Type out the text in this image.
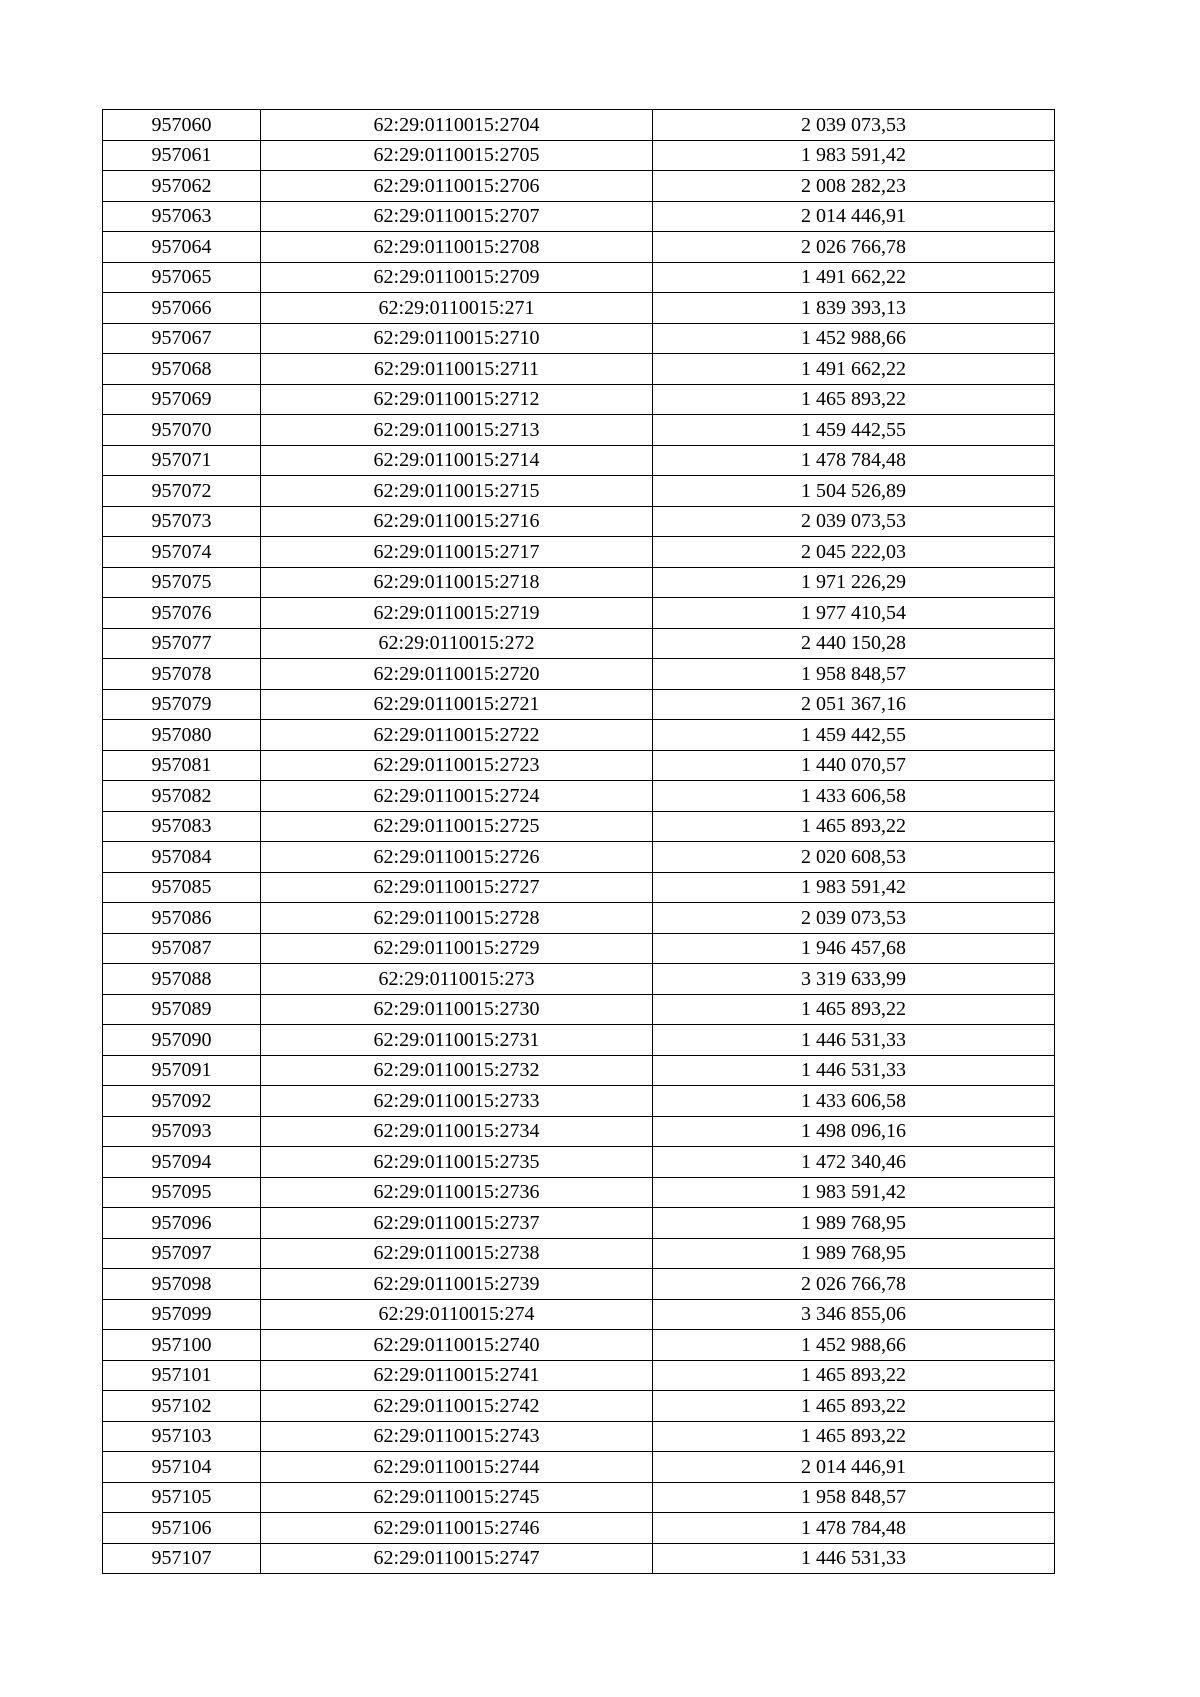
957060	62:29:0110015:2704	2 039 073,53
957061	62:29:0110015:2705	1 983 591,42
957062	62:29:0110015:2706	2 008 282,23
957063	62:29:0110015:2707	2 014 446,91
957064	62:29:0110015:2708	2 026 766,78
957065	62:29:0110015:2709	1 491 662,22
957066	62:29:0110015:271	1 839 393,13
957067	62:29:0110015:2710	1 452 988,66
957068	62:29:0110015:2711	1 491 662,22
957069	62:29:0110015:2712	1 465 893,22
957070	62:29:0110015:2713	1 459 442,55
957071	62:29:0110015:2714	1 478 784,48
957072	62:29:0110015:2715	1 504 526,89
957073	62:29:0110015:2716	2 039 073,53
957074	62:29:0110015:2717	2 045 222,03
957075	62:29:0110015:2718	1 971 226,29
957076	62:29:0110015:2719	1 977 410,54
957077	62:29:0110015:272	2 440 150,28
957078	62:29:0110015:2720	1 958 848,57
957079	62:29:0110015:2721	2 051 367,16
957080	62:29:0110015:2722	1 459 442,55
957081	62:29:0110015:2723	1 440 070,57
957082	62:29:0110015:2724	1 433 606,58
957083	62:29:0110015:2725	1 465 893,22
957084	62:29:0110015:2726	2 020 608,53
957085	62:29:0110015:2727	1 983 591,42
957086	62:29:0110015:2728	2 039 073,53
957087	62:29:0110015:2729	1 946 457,68
957088	62:29:0110015:273	3 319 633,99
957089	62:29:0110015:2730	1 465 893,22
957090	62:29:0110015:2731	1 446 531,33
957091	62:29:0110015:2732	1 446 531,33
957092	62:29:0110015:2733	1 433 606,58
957093	62:29:0110015:2734	1 498 096,16
957094	62:29:0110015:2735	1 472 340,46
957095	62:29:0110015:2736	1 983 591,42
957096	62:29:0110015:2737	1 989 768,95
957097	62:29:0110015:2738	1 989 768,95
957098	62:29:0110015:2739	2 026 766,78
957099	62:29:0110015:274	3 346 855,06
957100	62:29:0110015:2740	1 452 988,66
957101	62:29:0110015:2741	1 465 893,22
957102	62:29:0110015:2742	1 465 893,22
957103	62:29:0110015:2743	1 465 893,22
957104	62:29:0110015:2744	2 014 446,91
957105	62:29:0110015:2745	1 958 848,57
957106	62:29:0110015:2746	1 478 784,48
957107	62:29:0110015:2747	1 446 531,33
